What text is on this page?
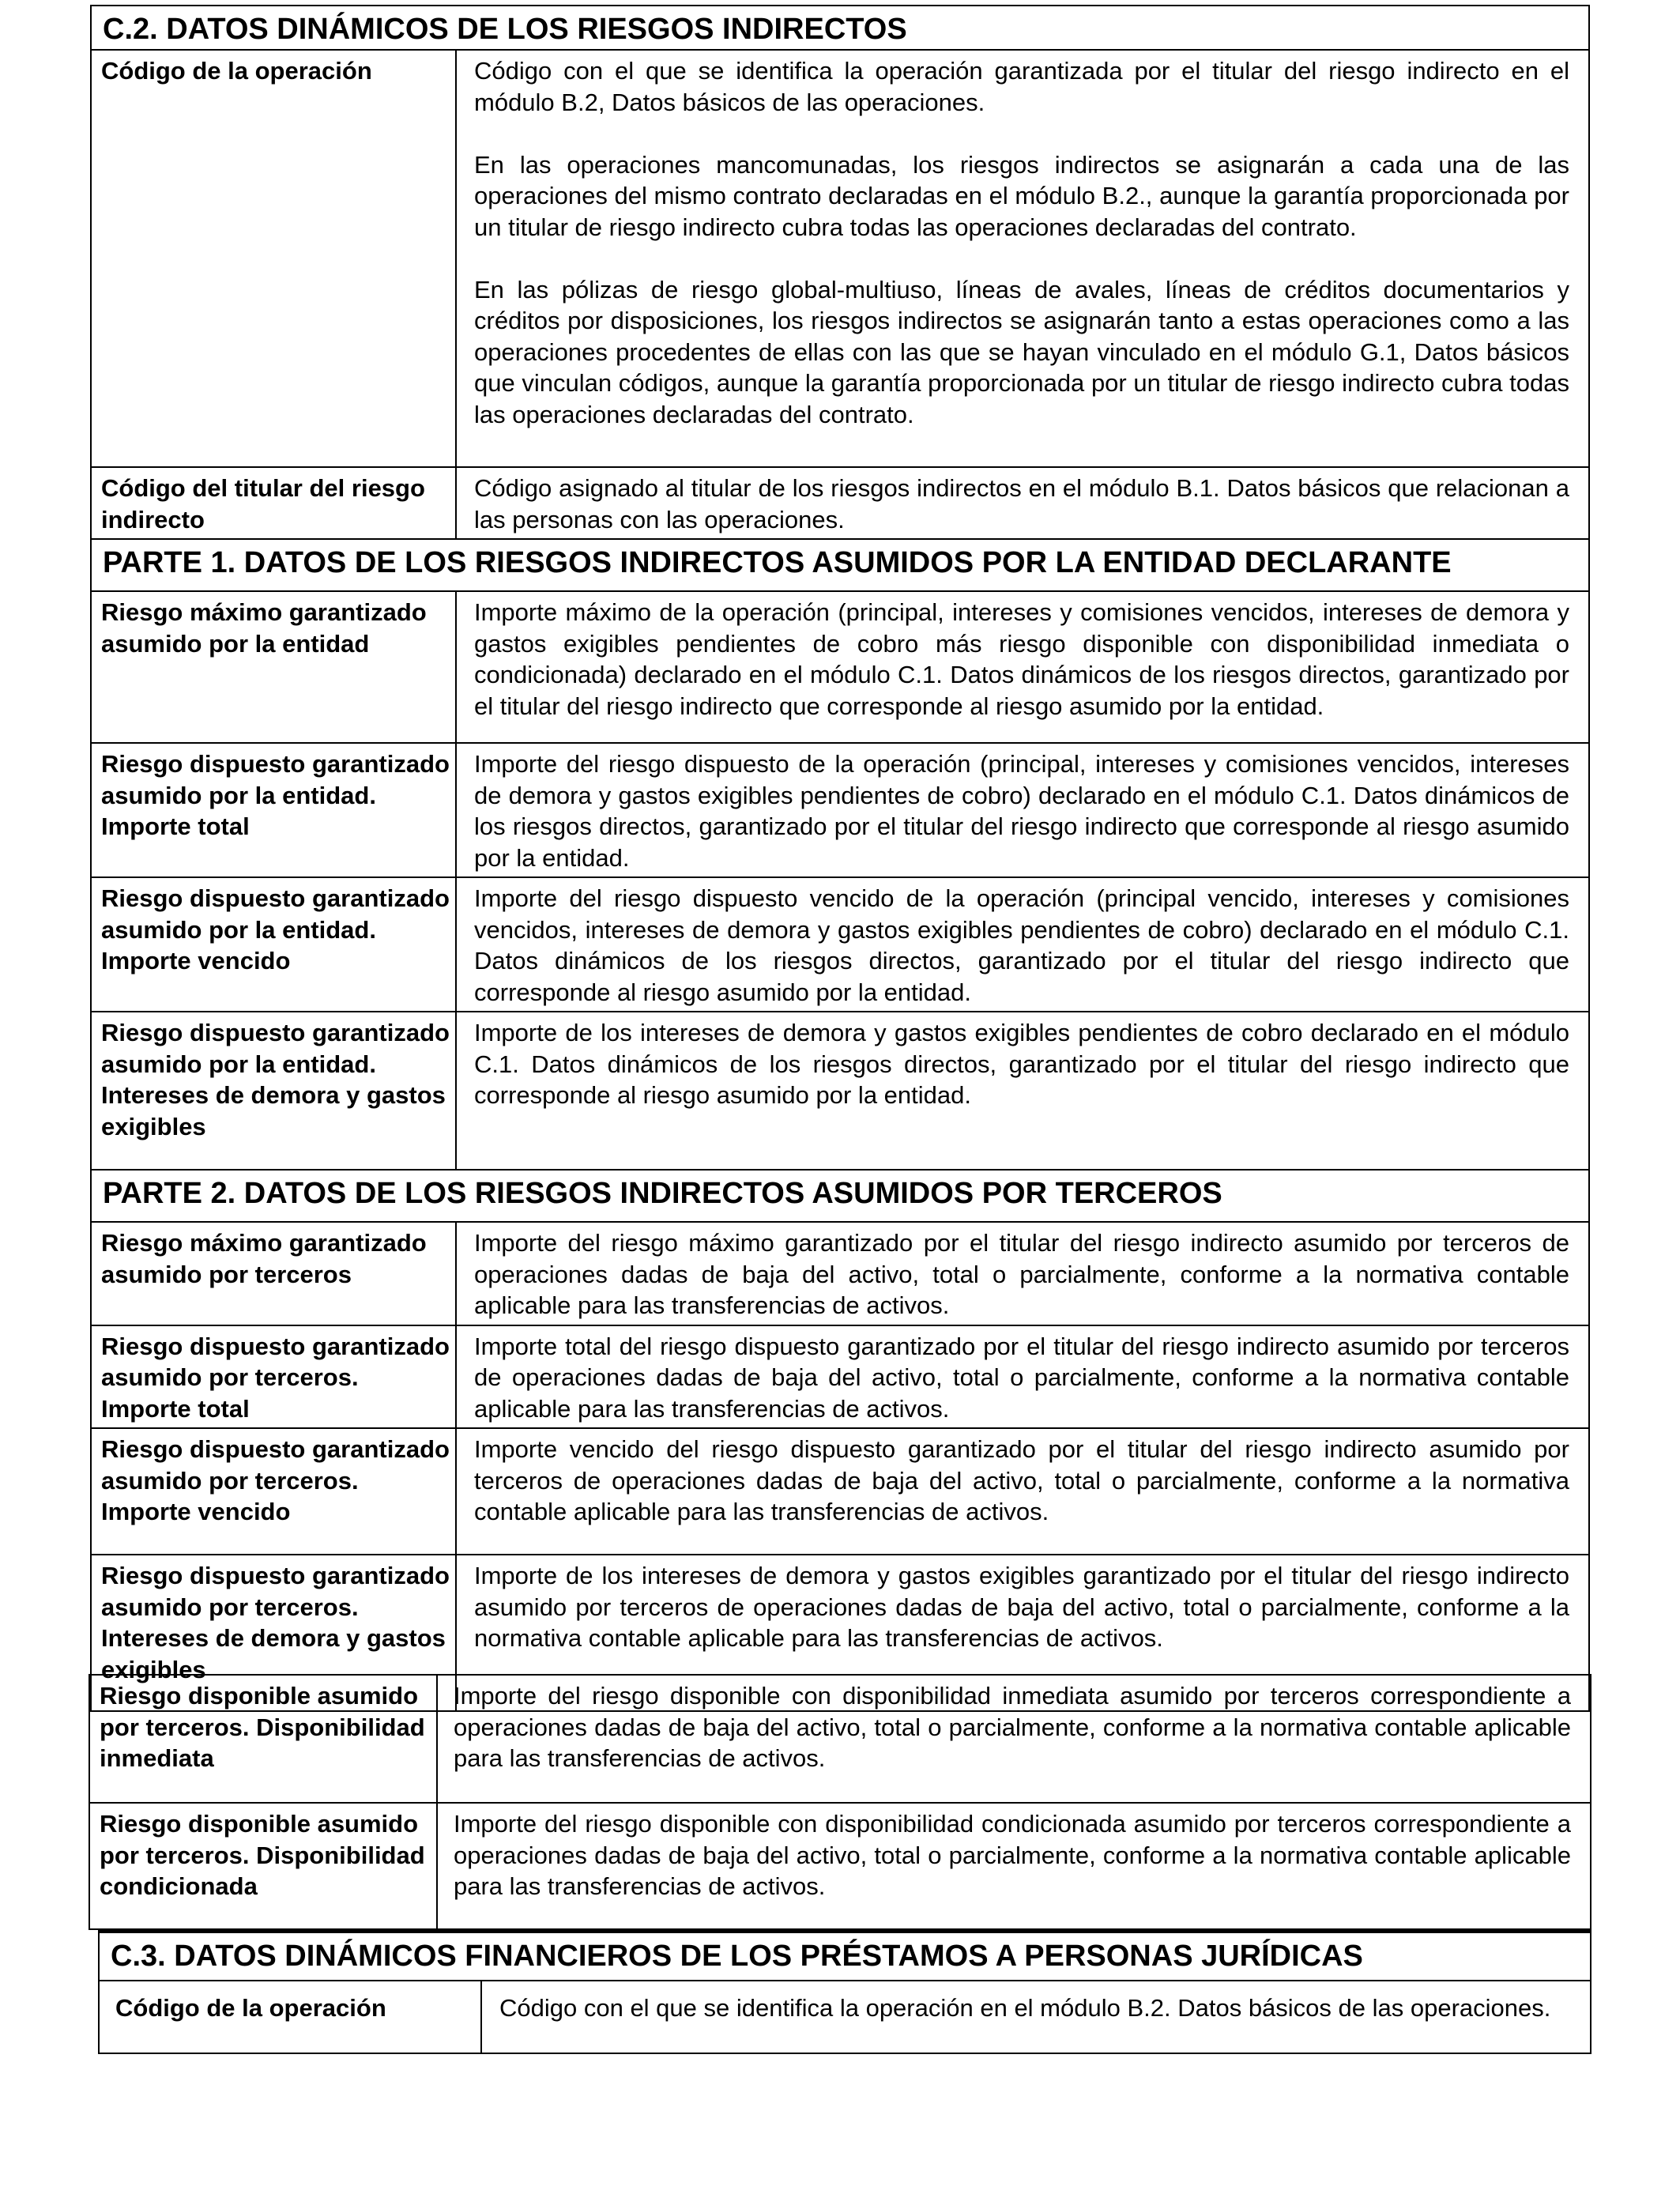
C.2. DATOS DINÁMICOS DE LOS RIESGOS INDIRECTOS	
Código de la operación	Código con el que se identifica la operación garantizada por el titular del riesgo indirecto en el módulo B.2, Datos básicos de las operaciones.

En las operaciones mancomunadas, los riesgos indirectos se asignarán a cada una de las operaciones del mismo contrato declaradas en el módulo B.2., aunque la garantía proporcionada por un titular de riesgo indirecto cubra todas las operaciones declaradas del contrato.

En las pólizas de riesgo global-multiuso, líneas de avales, líneas de créditos documentarios y créditos por disposiciones, los riesgos indirectos se asignarán tanto a estas operaciones como a las operaciones procedentes de ellas con las que se hayan vinculado en el módulo G.1, Datos básicos que vinculan códigos, aunque la garantía proporcionada por un titular de riesgo indirecto cubra todas las operaciones declaradas del contrato.

Código del titular del riesgo indirecto	Código asignado al titular de los riesgos indirectos en el módulo B.1. Datos básicos que relacionan a las personas con las operaciones.
PARTE 1. DATOS DE LOS RIESGOS INDIRECTOS ASUMIDOS POR LA ENTIDAD DECLARANTE	
Riesgo máximo garantizado asumido por la entidad	Importe máximo de la operación (principal, intereses y comisiones vencidos, intereses de demora y gastos exigibles pendientes de cobro más riesgo disponible con disponibilidad inmediata o condicionada) declarado en el módulo C.1. Datos dinámicos de los riesgos directos, garantizado por el titular del riesgo indirecto que corresponde al riesgo asumido por la entidad.
Riesgo dispuesto garantizado asumido por la entidad. Importe total	Importe del riesgo dispuesto de la operación (principal, intereses y comisiones vencidos, intereses de demora y gastos exigibles pendientes de cobro) declarado en el módulo C.1. Datos dinámicos de los riesgos directos, garantizado por el titular del riesgo indirecto que corresponde al riesgo asumido por la entidad.
Riesgo dispuesto garantizado asumido por la entidad. Importe vencido	Importe del riesgo dispuesto vencido de la operación (principal vencido, intereses y comisiones vencidos, intereses de demora y gastos exigibles pendientes de cobro) declarado en el módulo C.1. Datos dinámicos de los riesgos directos, garantizado por el titular del riesgo indirecto que corresponde al riesgo asumido por la entidad.
Riesgo dispuesto garantizado asumido por la entidad. Intereses de demora y gastos exigibles	Importe de los intereses de demora y gastos exigibles pendientes de cobro declarado en el módulo C.1. Datos dinámicos de los riesgos directos, garantizado por el titular del riesgo indirecto que corresponde al riesgo asumido por la entidad.
PARTE 2. DATOS DE LOS RIESGOS INDIRECTOS ASUMIDOS POR TERCEROS	
Riesgo máximo garantizado asumido por terceros	Importe del riesgo máximo garantizado por el titular del riesgo indirecto asumido por terceros de operaciones dadas de baja del activo, total o parcialmente, conforme a la normativa contable aplicable para las transferencias de activos.
Riesgo dispuesto garantizado asumido por terceros. Importe total	Importe total del riesgo dispuesto garantizado por el titular del riesgo indirecto asumido por terceros de operaciones dadas de baja del activo, total o parcialmente, conforme a la normativa contable aplicable para las transferencias de activos.
Riesgo dispuesto garantizado asumido por terceros. Importe vencido	Importe vencido del riesgo dispuesto garantizado por el titular del riesgo indirecto asumido por terceros de operaciones dadas de baja del activo, total o parcialmente, conforme a la normativa contable aplicable para las transferencias de activos.
Riesgo dispuesto garantizado asumido por terceros. Intereses de demora y gastos exigibles	Importe de los intereses de demora y gastos exigibles garantizado por el titular del riesgo indirecto asumido por terceros de operaciones dadas de baja del activo, total o parcialmente, conforme a la normativa contable aplicable para las transferencias de activos.
Riesgo disponible asumido por terceros. Disponibilidad inmediata	Importe del riesgo disponible con disponibilidad inmediata asumido por terceros correspondiente a operaciones dadas de baja del activo, total o parcialmente, conforme a la normativa contable aplicable para las transferencias de activos.
Riesgo disponible asumido por terceros. Disponibilidad condicionada	Importe del riesgo disponible con disponibilidad condicionada asumido por terceros correspondiente a operaciones dadas de baja del activo, total o parcialmente, conforme a la normativa contable aplicable para las transferencias de activos.
C.3. DATOS DINÁMICOS FINANCIEROS DE LOS PRÉSTAMOS A PERSONAS JURÍDICAS
Código de la operación	Código con el que se identifica la operación en el módulo B.2. Datos básicos de las operaciones.
